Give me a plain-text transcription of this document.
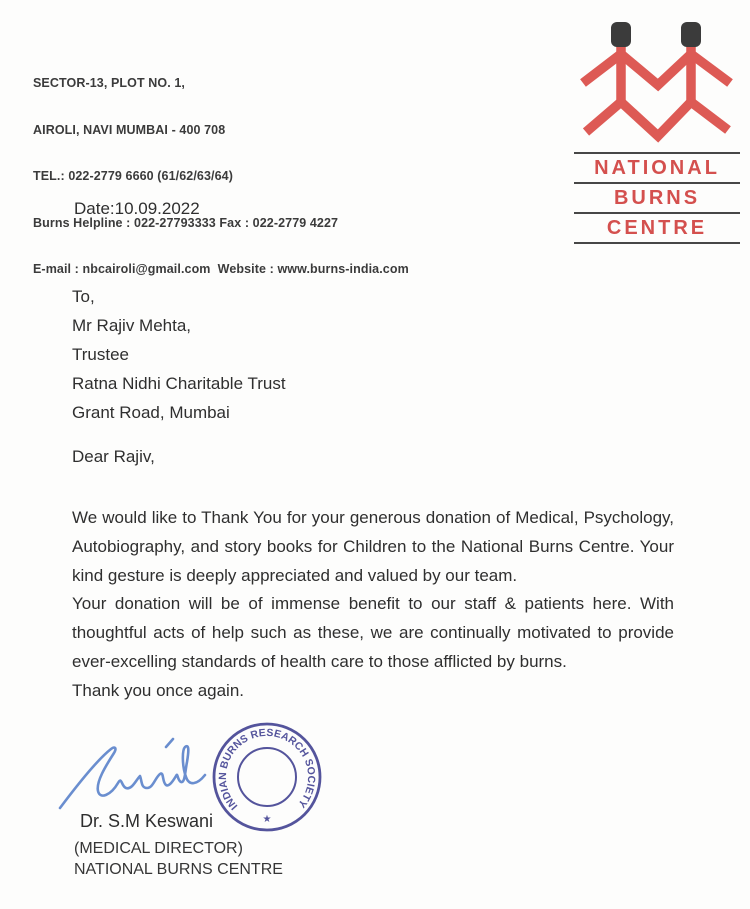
SECTOR-13, PLOT NO. 1,

AIROLI, NAVI MUMBAI - 400 708

TEL.: 022-2779 6660 (61/62/63/64)

Burns Helpline : 022-27793333 Fax : 022-2779 4227

E-mail : nbcairoli@gmail.com  Website : www.burns-india.com

NATIONAL
BURNS
CENTRE
Date:10.09.2022
To,
Mr Rajiv Mehta,
Trustee
Ratna Nidhi Charitable Trust
Grant Road, Mumbai
Dear Rajiv,

We would like to Thank You for your generous donation of Medical, Psychology, Autobiography, and story books for Children to the National Burns Centre. Your kind gesture is deeply appreciated and valued by our team.

Your donation will be of immense benefit to our staff & patients here. With thoughtful acts of help such as these, we are continually motivated to provide ever-excelling standards of health care to those afflicted by burns.

Thank you once again.

INDIAN BURNS RESEARCH SOCIETY
★
Dr. S.M Keswani
(MEDICAL DIRECTOR)
NATIONAL BURNS CENTRE
